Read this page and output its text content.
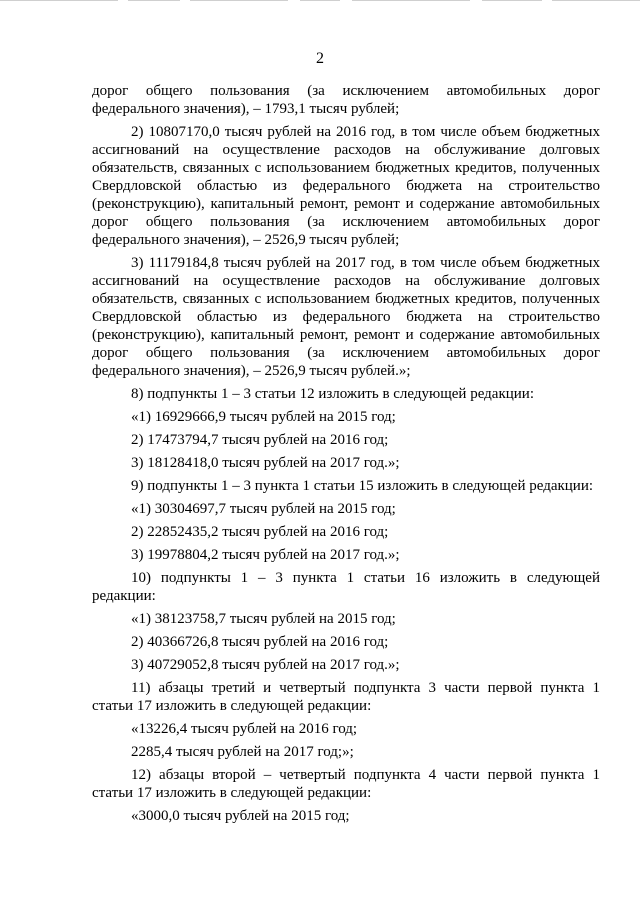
2

дорог общего пользования (за исключением автомобильных дорог федерального значения), – 1793,1 тысяч рублей;

2) 10807170,0 тысяч рублей на 2016 год, в том числе объем бюджетных ассигнований на осуществление расходов на обслуживание долговых обязательств, связанных с использованием бюджетных кредитов, полученных Свердловской областью из федерального бюджета на строительство (реконструкцию), капитальный ремонт, ремонт и содержание автомобильных дорог общего пользования (за исключением автомобильных дорог федерального значения), – 2526,9 тысяч рублей;

3) 11179184,8 тысяч рублей на 2017 год, в том числе объем бюджетных ассигнований на осуществление расходов на обслуживание долговых обязательств, связанных с использованием бюджетных кредитов, полученных Свердловской областью из федерального бюджета на строительство (реконструкцию), капитальный ремонт, ремонт и содержание автомобильных дорог общего пользования (за исключением автомобильных дорог федерального значения), – 2526,9 тысяч рублей.»;

8) подпункты 1 – 3 статьи 12 изложить в следующей редакции:

«1) 16929666,9 тысяч рублей на 2015 год;

2) 17473794,7 тысяч рублей на 2016 год;

3) 18128418,0 тысяч рублей на 2017 год.»;

9) подпункты 1 – 3 пункта 1 статьи 15 изложить в следующей редакции:

«1) 30304697,7 тысяч рублей на 2015 год;

2) 22852435,2 тысяч рублей на 2016 год;

3) 19978804,2 тысяч рублей на 2017 год.»;

10) подпункты 1 – 3 пункта 1 статьи 16 изложить в следующей редакции:

«1) 38123758,7 тысяч рублей на 2015 год;

2) 40366726,8 тысяч рублей на 2016 год;

3) 40729052,8 тысяч рублей на 2017 год.»;

11) абзацы третий и четвертый подпункта 3 части первой пункта 1 статьи 17 изложить в следующей редакции:

«13226,4 тысяч рублей на 2016 год;

2285,4 тысяч рублей на 2017 год;»;

12) абзацы второй – четвертый подпункта 4 части первой пункта 1 статьи 17 изложить в следующей редакции:

«3000,0 тысяч рублей на 2015 год;
